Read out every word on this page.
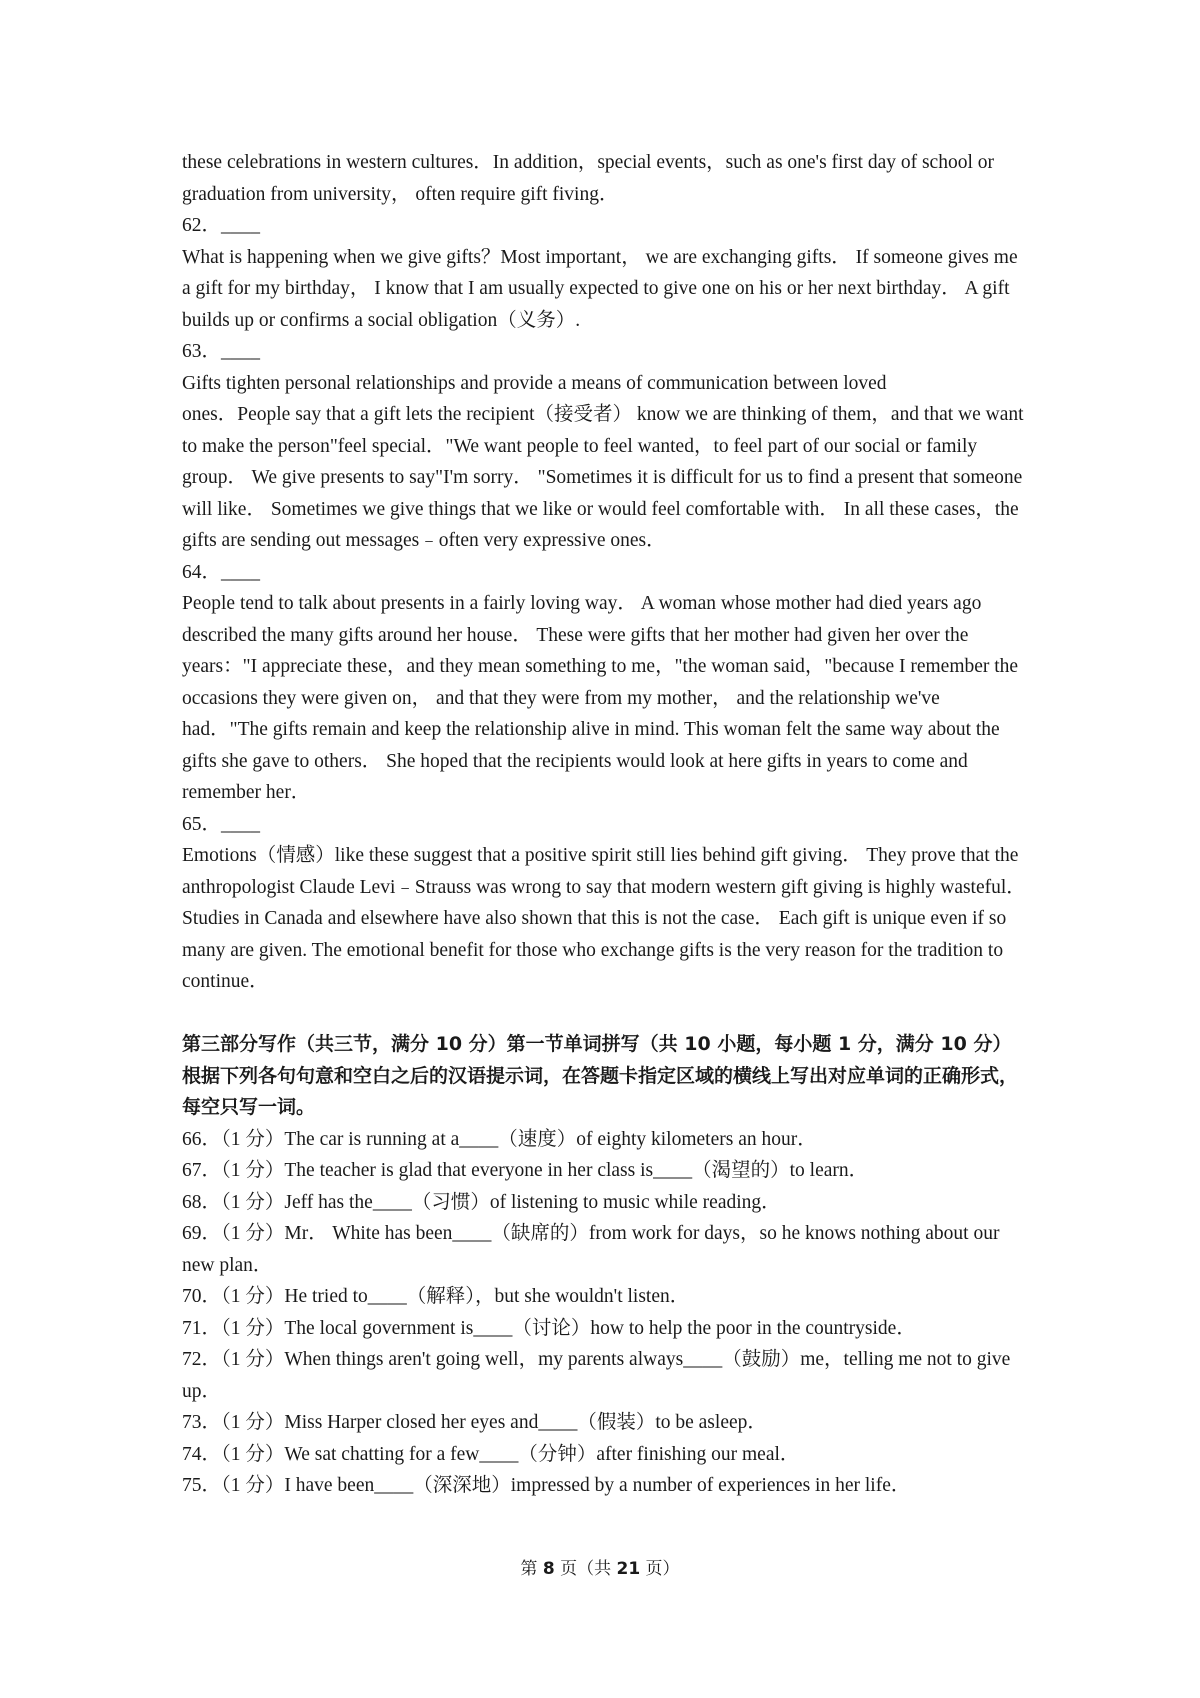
these celebrations in western cultures．In addition，special events，such as one's first day of school or graduation from university， often require gift fiving．

62．____

What is happening when we give gifts？Most important， we are exchanging gifts． If someone gives me a gift for my birthday， I know that I am usually expected to give one on his or her next birthday． A gift builds up or confirms a social obligation（义务）.

63．____

Gifts tighten personal relationships and provide a means of communication between loved
ones．People say that a gift lets the recipient（接受者） know we are thinking of them，and that we want to make the person"feel special．"We want people to feel wanted，to feel part of our social or family group． We give presents to say"I'm sorry． "Sometimes it is difficult for us to find a present that someone will like． Sometimes we give things that we like or would feel comfortable with． In all these cases，the gifts are sending out messages﹣often very expressive ones．

64．____

People tend to talk about presents in a fairly loving way． A woman whose mother had died years ago described the many gifts around her house． These were gifts that her mother had given her over the years："I appreciate these，and they mean something to me，"the woman said，"because I remember the occasions they were given on， and that they were from my mother， and the relationship we've had．"The gifts remain and keep the relationship alive in mind. This woman felt the same way about the gifts she gave to others． She hoped that the recipients would look at here gifts in years to come and remember her．

65．____

Emotions（情感）like these suggest that a positive spirit still lies behind gift giving． They prove that the anthropologist Claude Levi﹣Strauss was wrong to say that modern western gift giving is highly wasteful． Studies in Canada and elsewhere have also shown that this is not the case． Each gift is unique even if so many are given. The emotional benefit for those who exchange gifts is the very reason for the tradition to continue．

第三部分写作（共三节，满分 10 分）第一节单词拼写（共 10 小题，每小题 1 分，满分 10 分）根据下列各句句意和空白之后的汉语提示词，在答题卡指定区域的横线上写出对应单词的正确形式，每空只写一词。

66．（1 分）The car is running at a____（速度）of eighty kilometers an hour．

67．（1 分）The teacher is glad that everyone in her class is____（渴望的）to learn．

68．（1 分）Jeff has the____（习惯）of listening to music while reading．

69．（1 分）Mr． White has been____（缺席的）from work for days，so he knows nothing about our new plan．

70．（1 分）He tried to____（解释），but she wouldn't listen．

71．（1 分）The local government is____（讨论）how to help the poor in the countryside．

72．（1 分）When things aren't going well，my parents always____（鼓励）me，telling me not to give up．

73．（1 分）Miss Harper closed her eyes and____（假装）to be asleep．

74．（1 分）We sat chatting for a few____（分钟）after finishing our meal．

75．（1 分）I have been____（深深地）impressed by a number of experiences in her life．

第 8 页（共 21 页）
